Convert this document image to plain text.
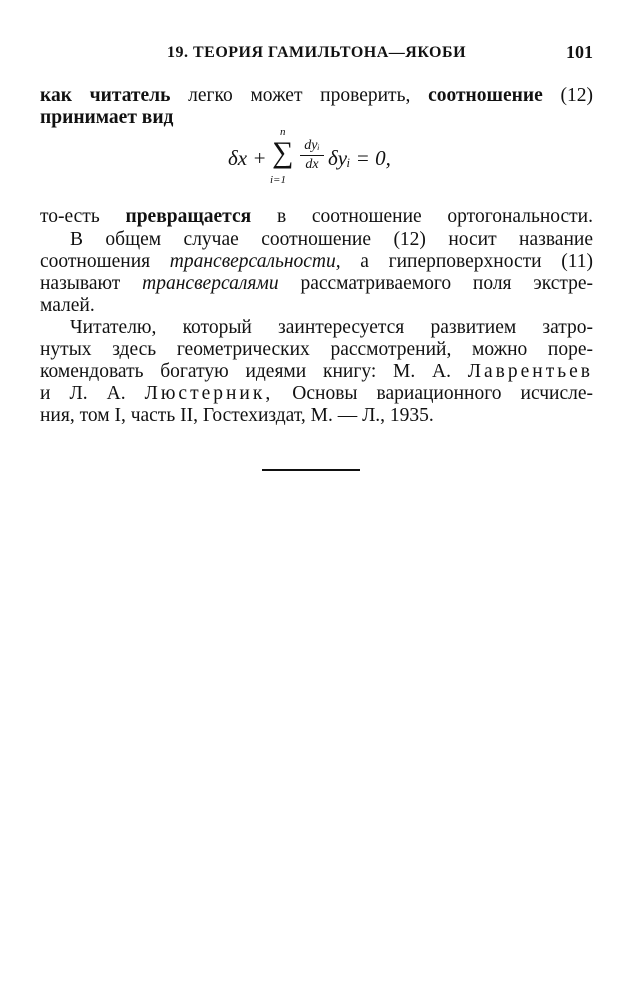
19. ТЕОРИЯ ГАМИЛЬТОНА—ЯКОБИ	101
как читатель легко может проверить, соотношение (12)
принимает вид
δx +
n
∑
i=1
dyᵢ
dx δyᵢ = 0,
то-есть превращается в соотношение ортогональности.
В общем случае соотношение (12) носит название
соотношения трансверсальности, а гиперповерхности (11)
называют трансверсалями рассматриваемого поля экстре-
малей.
Читателю, который заинтересуется развитием затро-
нутых здесь геометрических рассмотрений, можно поре-
комендовать богатую идеями книгу: М. А. Лаврентьев
и Л. А. Люстерник, Основы вариационного исчисле-
ния, том I, часть II, Гостехиздат, М. — Л., 1935.
